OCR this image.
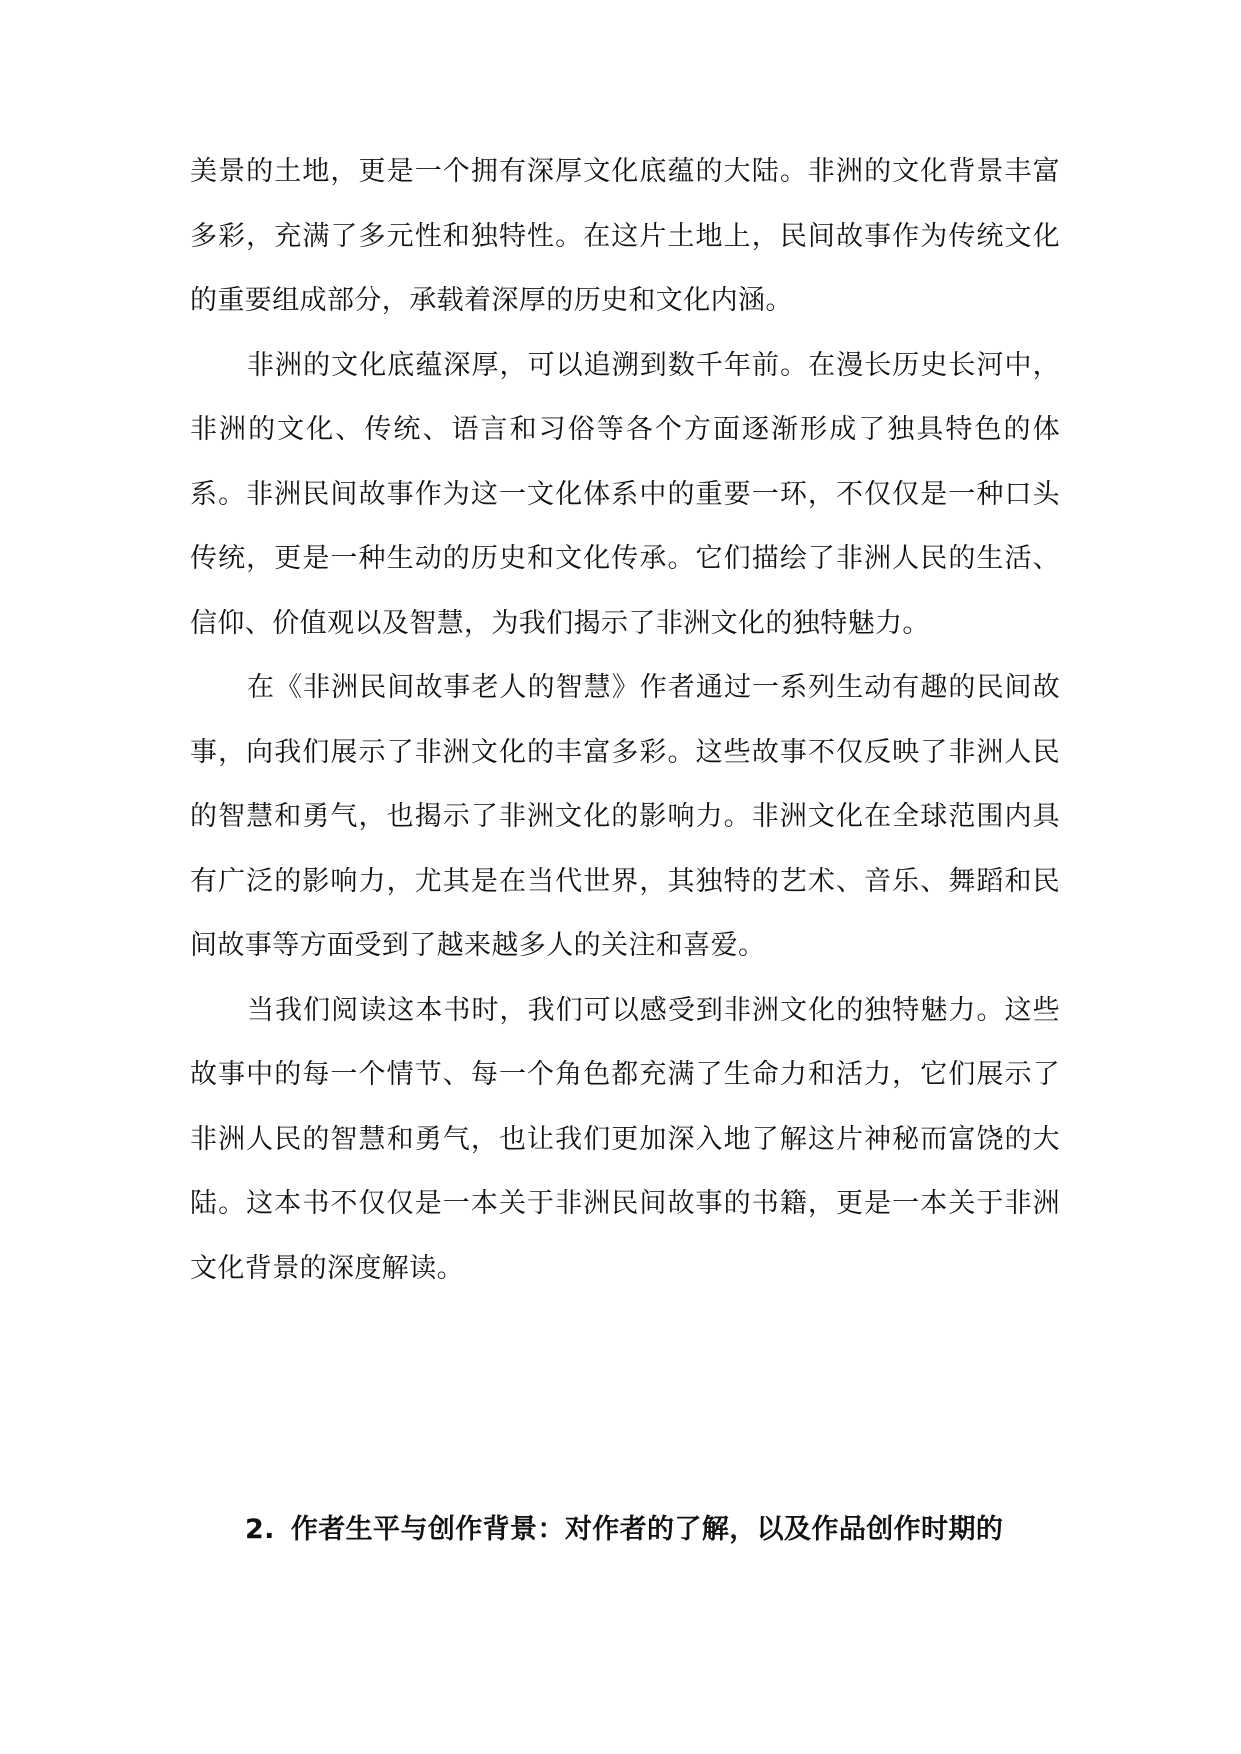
美景的土地，更是一个拥有深厚文化底蕴的大陆。非洲的文化背景丰富多彩，充满了多元性和独特性。在这片土地上，民间故事作为传统文化的重要组成部分，承载着深厚的历史和文化内涵。

非洲的文化底蕴深厚，可以追溯到数千年前。在漫长历史长河中，非洲的文化、传统、语言和习俗等各个方面逐渐形成了独具特色的体系。非洲民间故事作为这一文化体系中的重要一环，不仅仅是一种口头传统，更是一种生动的历史和文化传承。它们描绘了非洲人民的生活、信仰、价值观以及智慧，为我们揭示了非洲文化的独特魅力。

在《非洲民间故事老人的智慧》作者通过一系列生动有趣的民间故事，向我们展示了非洲文化的丰富多彩。这些故事不仅反映了非洲人民的智慧和勇气，也揭示了非洲文化的影响力。非洲文化在全球范围内具有广泛的影响力，尤其是在当代世界，其独特的艺术、音乐、舞蹈和民间故事等方面受到了越来越多人的关注和喜爱。

当我们阅读这本书时，我们可以感受到非洲文化的独特魅力。这些故事中的每一个情节、每一个角色都充满了生命力和活力，它们展示了非洲人民的智慧和勇气，也让我们更加深入地了解这片神秘而富饶的大陆。这本书不仅仅是一本关于非洲民间故事的书籍，更是一本关于非洲文化背景的深度解读。

2. 作者生平与创作背景：对作者的了解，以及作品创作时期的
